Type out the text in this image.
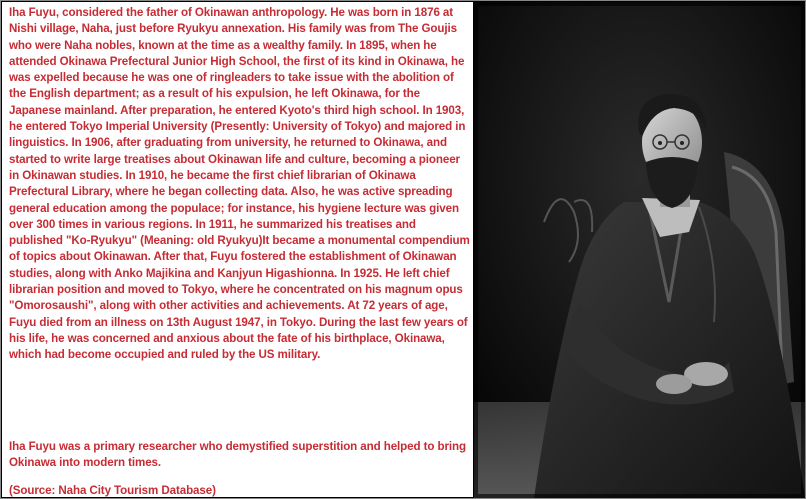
Iha Fuyu, considered the father of Okinawan anthropology. He was born in 1876 at Nishi village, Naha, just before Ryukyu annexation. His family was from The Goujis who were Naha nobles, known at the time as a wealthy family. In 1895, when he attended Okinawa Prefectural Junior High School, the first of its kind in Okinawa, he was expelled because he was one of ringleaders to take issue with the abolition of the English department; as a result of his expulsion, he left Okinawa, for the Japanese mainland. After preparation, he entered Kyoto's third high school. In 1903, he entered Tokyo Imperial University (Presently: University of Tokyo) and majored in linguistics. In 1906, after graduating from university, he returned to Okinawa, and started to write large treatises about Okinawan life and culture, becoming a pioneer in Okinawan studies. In 1910, he became the first chief librarian of Okinawa Prefectural Library, where he began collecting data. Also, he was active spreading general education among the populace; for instance, his hygiene lecture was given over 300 times in various regions. In 1911, he summarized his treatises and published "Ko-Ryukyu" (Meaning: old Ryukyu)It became a monumental compendium of topics about Okinawan. After that, Fuyu fostered the establishment of Okinawan studies, along with Anko Majikina and Kanjyun Higashionna. In 1925. He left chief librarian position and moved to Tokyo, where he concentrated on his magnum opus "Omorosaushi", along with other activities and achievements. At 72 years of age, Fuyu died from an illness on 13th August 1947, in Tokyo. During the last few years of his life, he was concerned and anxious about the fate of his birthplace, Okinawa, which had become occupied and ruled by the US military.

Iha Fuyu was a primary researcher who demystified superstition and helped to bring Okinawa into modern times.

(Source: Naha City Tourism Database)
